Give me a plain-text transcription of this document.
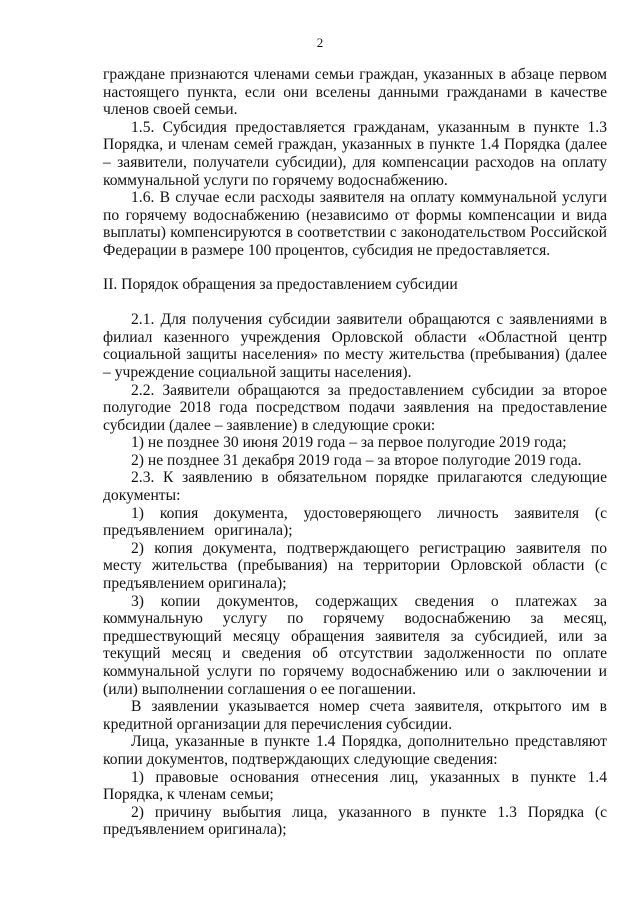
2

граждане признаются членами семьи граждан, указанных в абзаце первом настоящего пункта, если они вселены данными гражданами в качестве членов своей семьи.

1.5. Субсидия предоставляется гражданам, указанным в пункте 1.3 Порядка, и членам семей граждан, указанных в пункте 1.4 Порядка (далее – заявители, получатели субсидии), для компенсации расходов на оплату коммунальной услуги по горячему водоснабжению.

1.6. В случае если расходы заявителя на оплату коммунальной услуги по горячему водоснабжению (независимо от формы компенсации и вида выплаты) компенсируются в соответствии с законодательством Российской Федерации в размере 100 процентов, субсидия не предоставляется.

II. Порядок обращения за предоставлением субсидии

2.1. Для получения субсидии заявители обращаются с заявлениями в филиал казенного учреждения Орловской области «Областной центр социальной защиты населения» по месту жительства (пребывания) (далее – учреждение социальной защиты населения).

2.2. Заявители обращаются за предоставлением субсидии за второе полугодие 2018 года посредством подачи заявления на предоставление субсидии (далее – заявление) в следующие сроки:

1) не позднее 30 июня 2019 года – за первое полугодие 2019 года;

2) не позднее 31 декабря 2019 года – за второе полугодие 2019 года.

2.3. К заявлению в обязательном порядке прилагаются следующие документы:

1) копия документа, удостоверяющего личность заявителя (с предъявлением оригинала);

2) копия документа, подтверждающего регистрацию заявителя по месту жительства (пребывания) на территории Орловской области (с предъявлением оригинала);

3) копии документов, содержащих сведения о платежах за коммунальную услугу по горячему водоснабжению за месяц, предшествующий месяцу обращения заявителя за субсидией, или за текущий месяц и сведения об отсутствии задолженности по оплате коммунальной услуги по горячему водоснабжению или о заключении и (или) выполнении соглашения о ее погашении.

В заявлении указывается номер счета заявителя, открытого им в кредитной организации для перечисления субсидии.

Лица, указанные в пункте 1.4 Порядка, дополнительно представляют копии документов, подтверждающих следующие сведения:

1) правовые основания отнесения лиц, указанных в пункте 1.4 Порядка, к членам семьи;

2) причину выбытия лица, указанного в пункте 1.3 Порядка (с предъявлением оригинала);
